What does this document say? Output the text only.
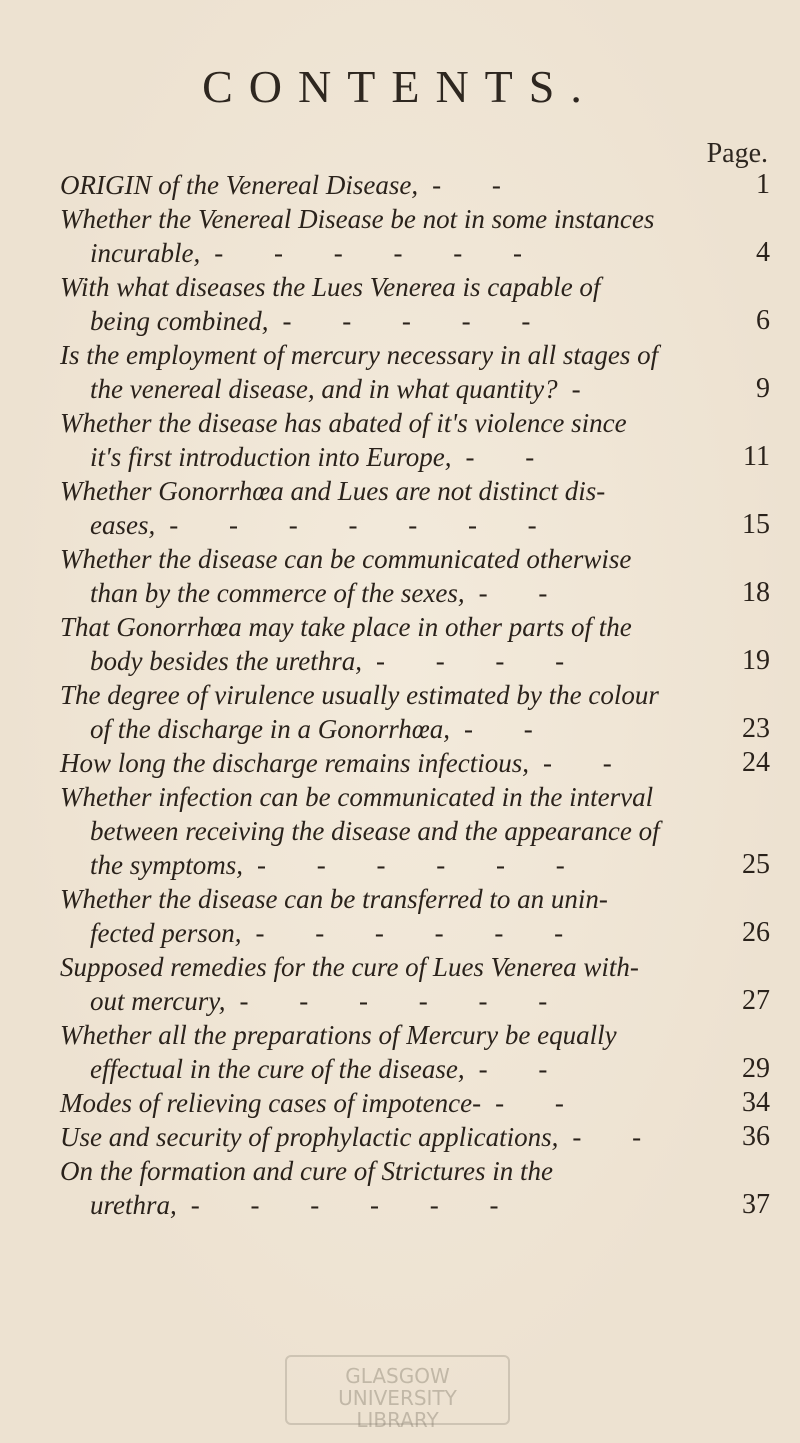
CONTENTS.
Page.
ORIGIN of the Venereal Disease, - -	1
Whether the Venereal Disease be not in some instances
incurable, - - - - - -	4
With what diseases the Lues Venerea is capable of
being combined, - - - - -	6
Is the employment of mercury necessary in all stages of
the venereal disease, and in what quantity? -	9
Whether the disease has abated of it's violence since
it's first introduction into Europe, - -	11
Whether Gonorrhœa and Lues are not distinct dis-
eases, - - - - - - -	15
Whether the disease can be communicated otherwise
than by the commerce of the sexes, - -	18
That Gonorrhœa may take place in other parts of the
body besides the urethra, - - - -	19
The degree of virulence usually estimated by the colour
of the discharge in a Gonorrhœa, - -	23
How long the discharge remains infectious, - -	24
Whether infection can be communicated in the interval
between receiving the disease and the appearance of
the symptoms, - - - - - -	25
Whether the disease can be transferred to an unin-
fected person, - - - - - -	26
Supposed remedies for the cure of Lues Venerea with-
out mercury, - - - - - -	27
Whether all the preparations of Mercury be equally
effectual in the cure of the disease, - -	29
Modes of relieving cases of impotence- - -	34
Use and security of prophylactic applications, - -	36
On the formation and cure of Strictures in the
urethra, - - - - - -	37
GLASGOW
UNIVERSITY
LIBRARY
